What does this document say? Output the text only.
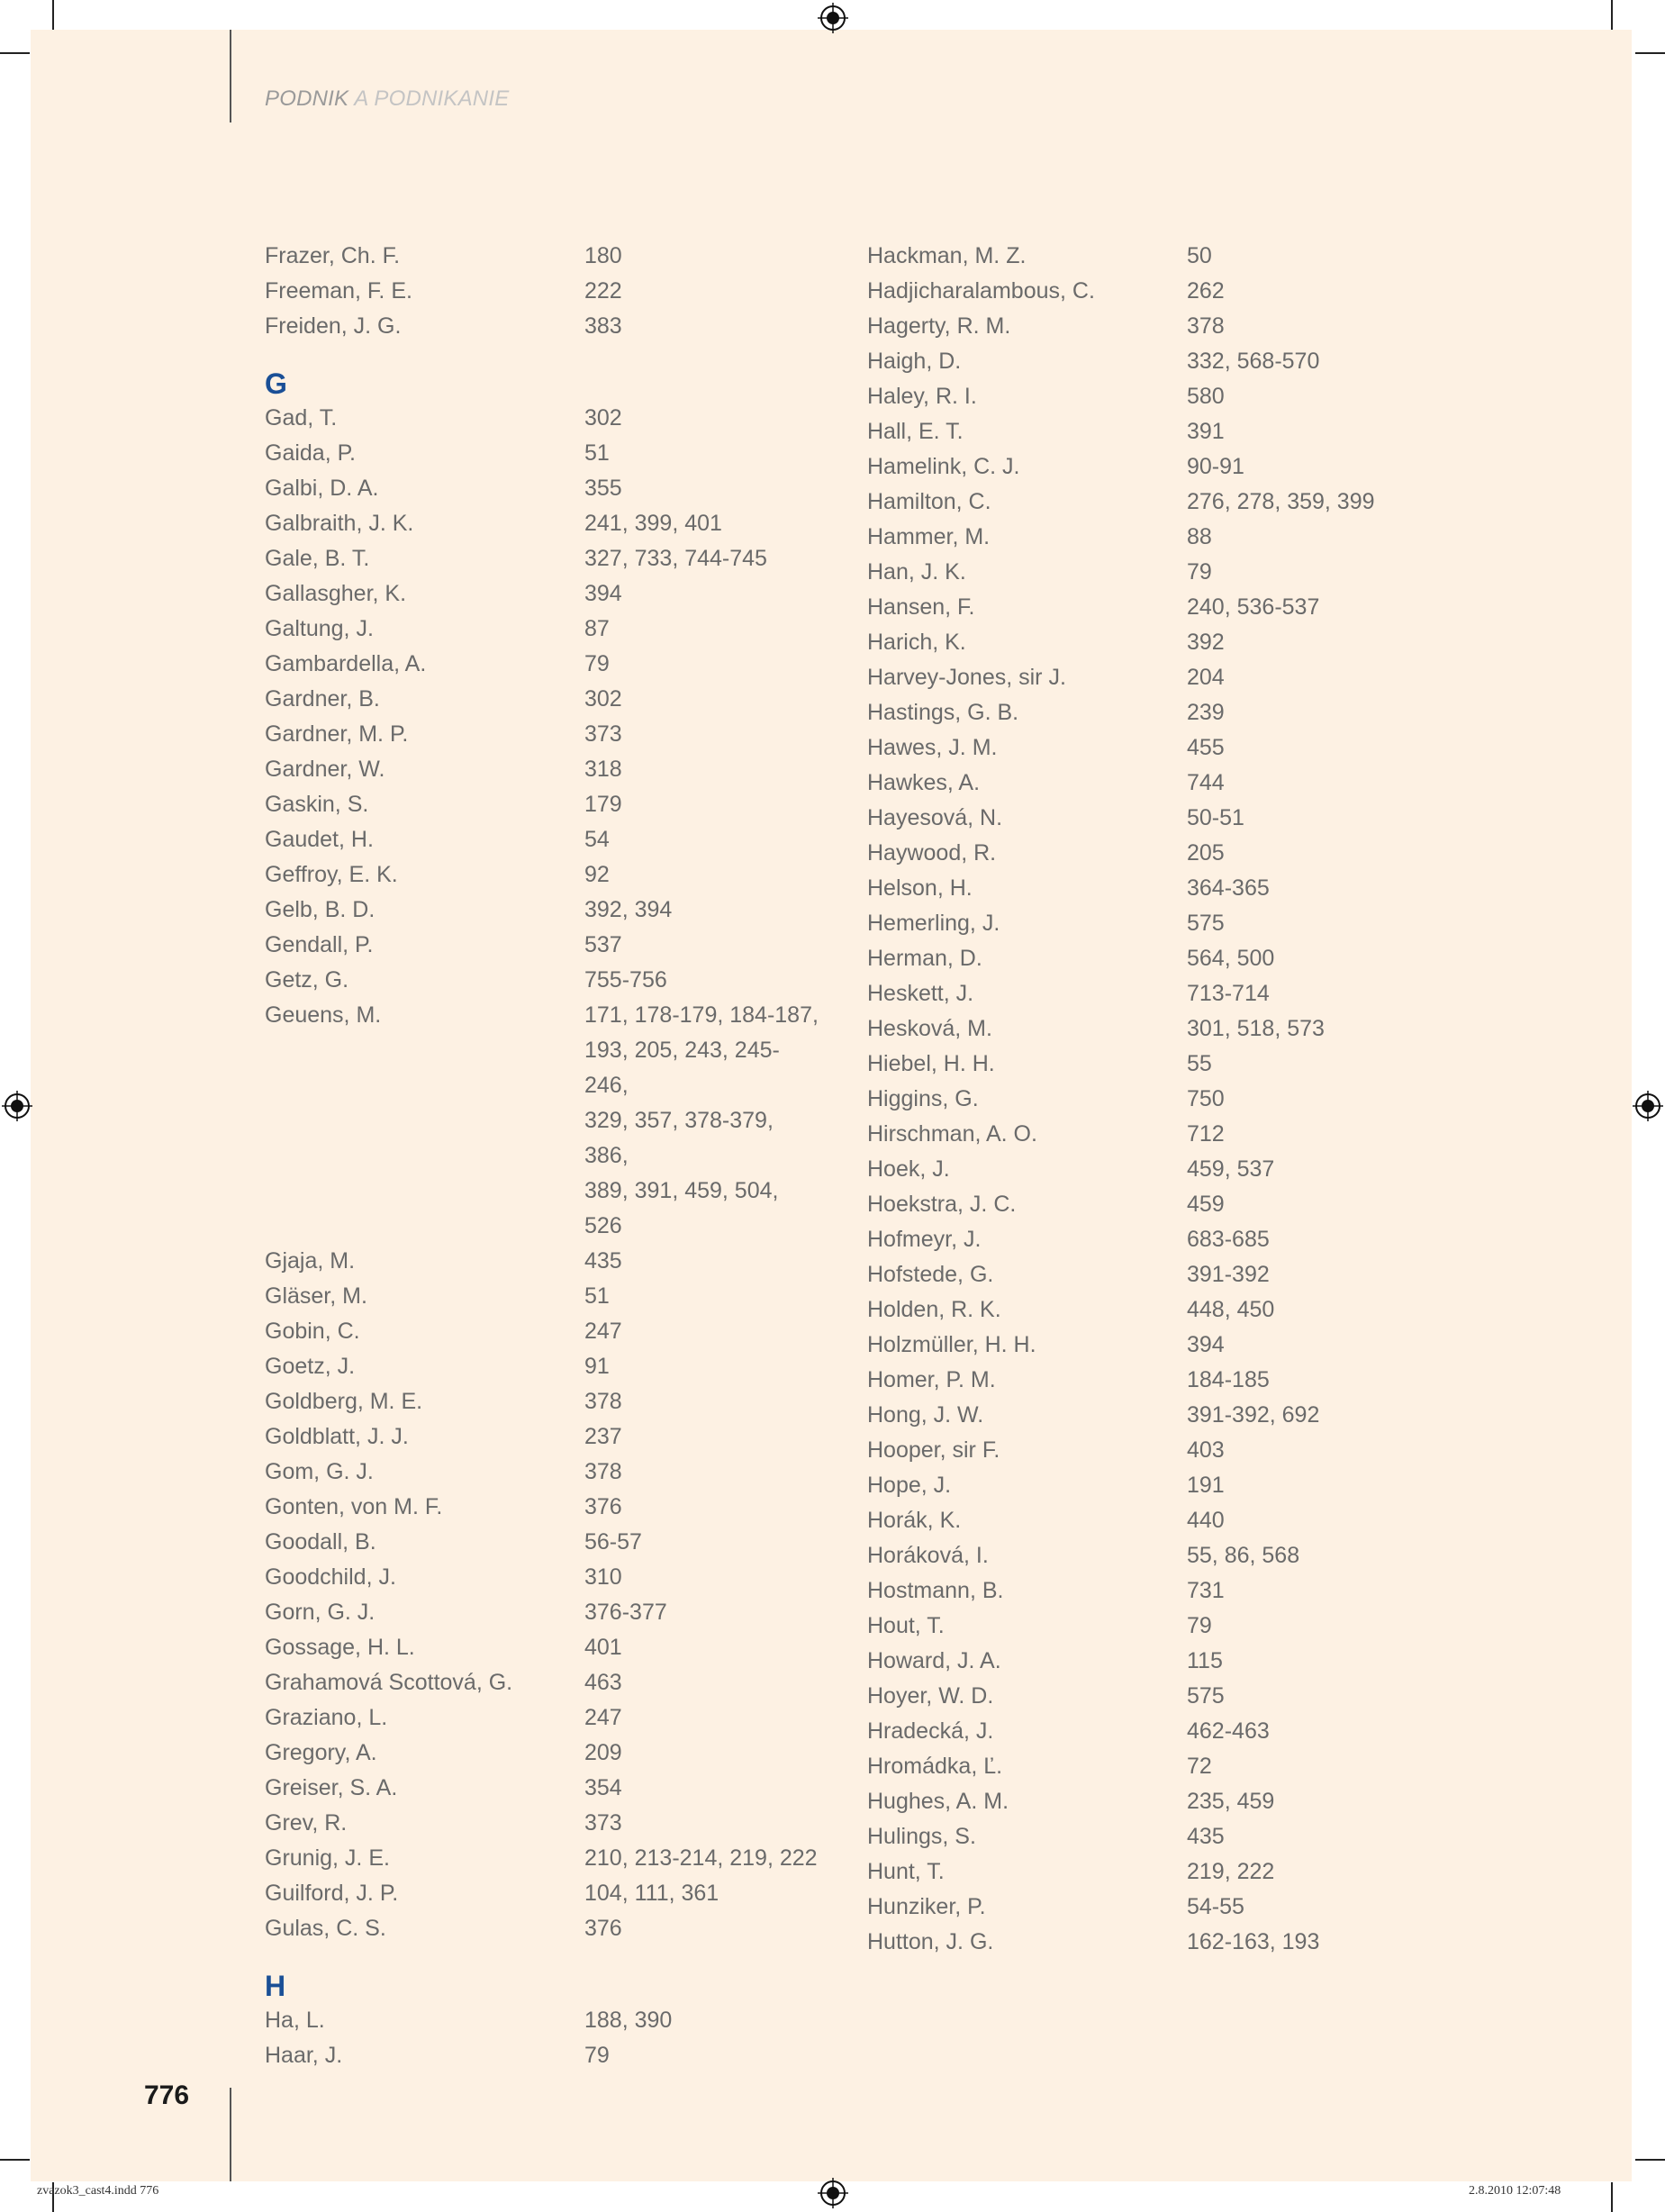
PODNIK A PODNIKANIE
Frazer, Ch. F.	180
Freeman, F. E.	222
Freiden, J. G.	383
G
Gad, T.	302
Gaida, P.	51
Galbi, D. A.	355
Galbraith, J. K.	241, 399, 401
Gale, B. T.	327, 733, 744-745
Gallasgher, K.	394
Galtung, J.	87
Gambardella, A.	79
Gardner, B.	302
Gardner, M. P.	373
Gardner, W.	318
Gaskin, S.	179
Gaudet, H.	54
Geffroy, E. K.	92
Gelb, B. D.	392, 394
Gendall, P.	537
Getz, G.	755-756
Geuens, M.	171, 178-179, 184-187,
193, 205, 243, 245-246,
329, 357, 378-379, 386,
389, 391, 459, 504, 526
Gjaja, M.	435
Gläser, M.	51
Gobin, C.	247
Goetz, J.	91
Goldberg, M. E.	378
Goldblatt, J. J.	237
Gom, G. J.	378
Gonten, von M. F.	376
Goodall, B.	56-57
Goodchild, J.	310
Gorn, G. J.	376-377
Gossage, H. L.	401
Grahamová Scottová, G.	463
Graziano, L.	247
Gregory, A.	209
Greiser, S. A.	354
Grev, R.	373
Grunig, J. E.	210, 213-214, 219, 222
Guilford, J. P.	104, 111, 361
Gulas, C. S.	376
H
Ha, L.	188, 390
Haar, J.	79
Hackman, M. Z.	50
Hadjicharalambous, C.	262
Hagerty, R. M.	378
Haigh, D.	332, 568-570
Haley, R. I.	580
Hall, E. T.	391
Hamelink, C. J.	90-91
Hamilton, C.	276, 278, 359, 399
Hammer, M.	88
Han, J. K.	79
Hansen, F.	240, 536-537
Harich, K.	392
Harvey-Jones, sir J.	204
Hastings, G. B.	239
Hawes, J. M.	455
Hawkes, A.	744
Hayesová, N.	50-51
Haywood, R.	205
Helson, H.	364-365
Hemerling, J.	575
Herman, D.	564, 500
Heskett, J.	713-714
Hesková, M.	301, 518, 573
Hiebel, H. H.	55
Higgins, G.	750
Hirschman, A. O.	712
Hoek, J.	459, 537
Hoekstra, J. C.	459
Hofmeyr, J.	683-685
Hofstede, G.	391-392
Holden, R. K.	448, 450
Holzmüller, H. H.	394
Homer, P. M.	184-185
Hong, J. W.	391-392, 692
Hooper, sir F.	403
Hope, J.	191
Horák, K.	440
Horáková, I.	55, 86, 568
Hostmann, B.	731
Hout, T.	79
Howard, J. A.	115
Hoyer, W. D.	575
Hradecká, J.	462-463
Hromádka, Ľ.	72
Hughes, A. M.	235, 459
Hulings, S.	435
Hunt, T.	219, 222
Hunziker, P.	54-55
Hutton, J. G.	162-163, 193
776
zvazok3_cast4.indd 776	2.8.2010 12:07:48
